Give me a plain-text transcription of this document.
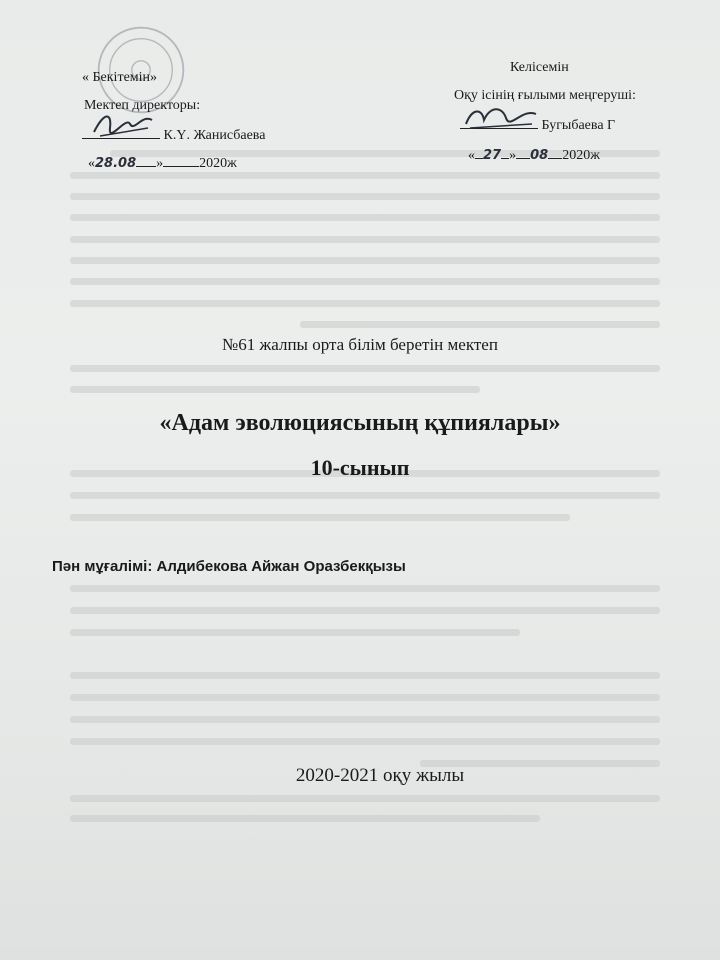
« Бекітемін»
Мектеп директоры:
К.Ү. Жанисбаева
«28.08 »	2020ж
Келісемін
Оқу ісінің ғылыми меңгеруші:
Бугыбаева Г
« 27 » 08 2020ж
№61 жалпы орта білім беретін мектеп
«Адам эволюциясының құпиялары»
10-сынып
Пән мұғалімі: Алдибекова Айжан Оразбекқызы
2020-2021 оқу жылы
